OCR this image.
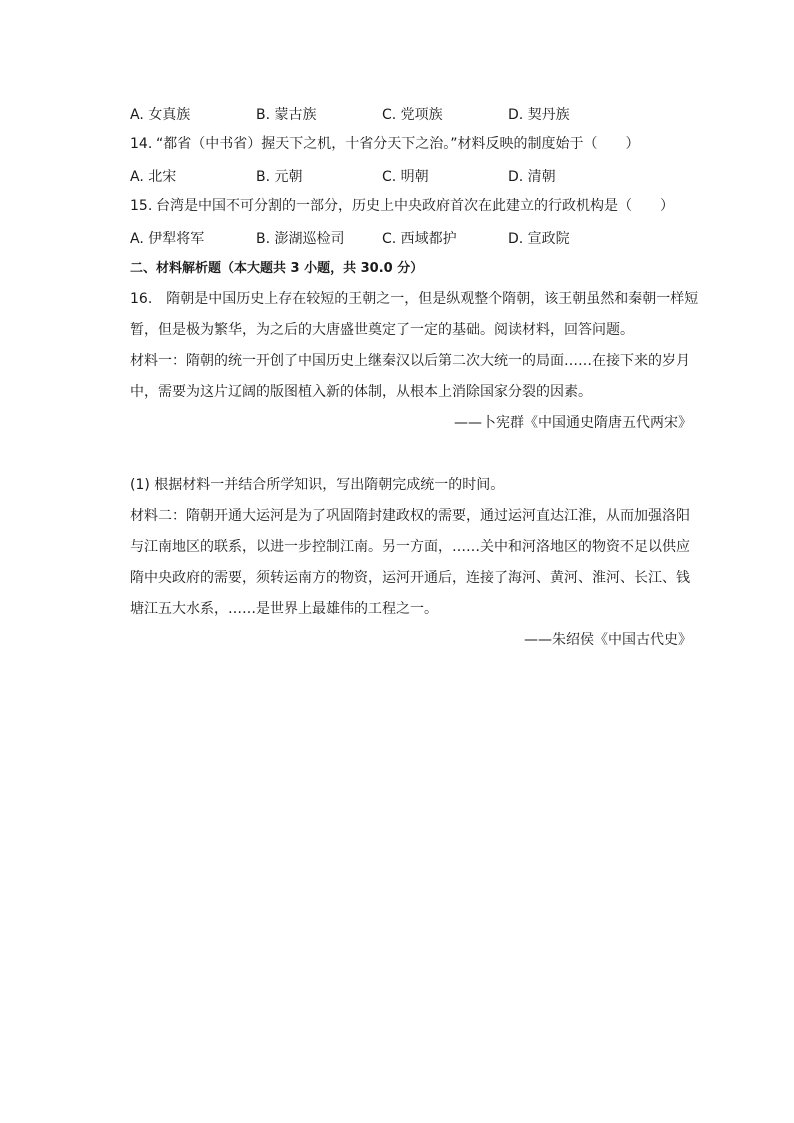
A. 女真族	B. 蒙古族	C. 党项族	D. 契丹族
14. “都省（中书省）握天下之机，十省分天下之治。”材料反映的制度始于（　　）
A. 北宋	B. 元朝	C. 明朝	D. 清朝
15. 台湾是中国不可分割的一部分，历史上中央政府首次在此建立的行政机构是（　　）
A. 伊犁将军	B. 澎湖巡检司	C. 西域都护	D. 宣政院
二、材料解析题（本大题共 3 小题，共 30.0 分）
16.　隋朝是中国历史上存在较短的王朝之一，但是纵观整个隋朝，该王朝虽然和秦朝一样短
暂，但是极为繁华，为之后的大唐盛世奠定了一定的基础。阅读材料，回答问题。
材料一：隋朝的统一开创了中国历史上继秦汉以后第二次大统一的局面……在接下来的岁月
中，需要为这片辽阔的版图植入新的体制，从根本上消除国家分裂的因素。
——卜宪群《中国通史隋唐五代两宋》
(1) 根据材料一并结合所学知识，写出隋朝完成统一的时间。
材料二：隋朝开通大运河是为了巩固隋封建政权的需要，通过运河直达江淮，从而加强洛阳
与江南地区的联系，以进一步控制江南。另一方面，……关中和河洛地区的物资不足以供应
隋中央政府的需要，须转运南方的物资，运河开通后，连接了海河、黄河、淮河、长江、钱
塘江五大水系，……是世界上最雄伟的工程之一。
——朱绍侯《中国古代史》
